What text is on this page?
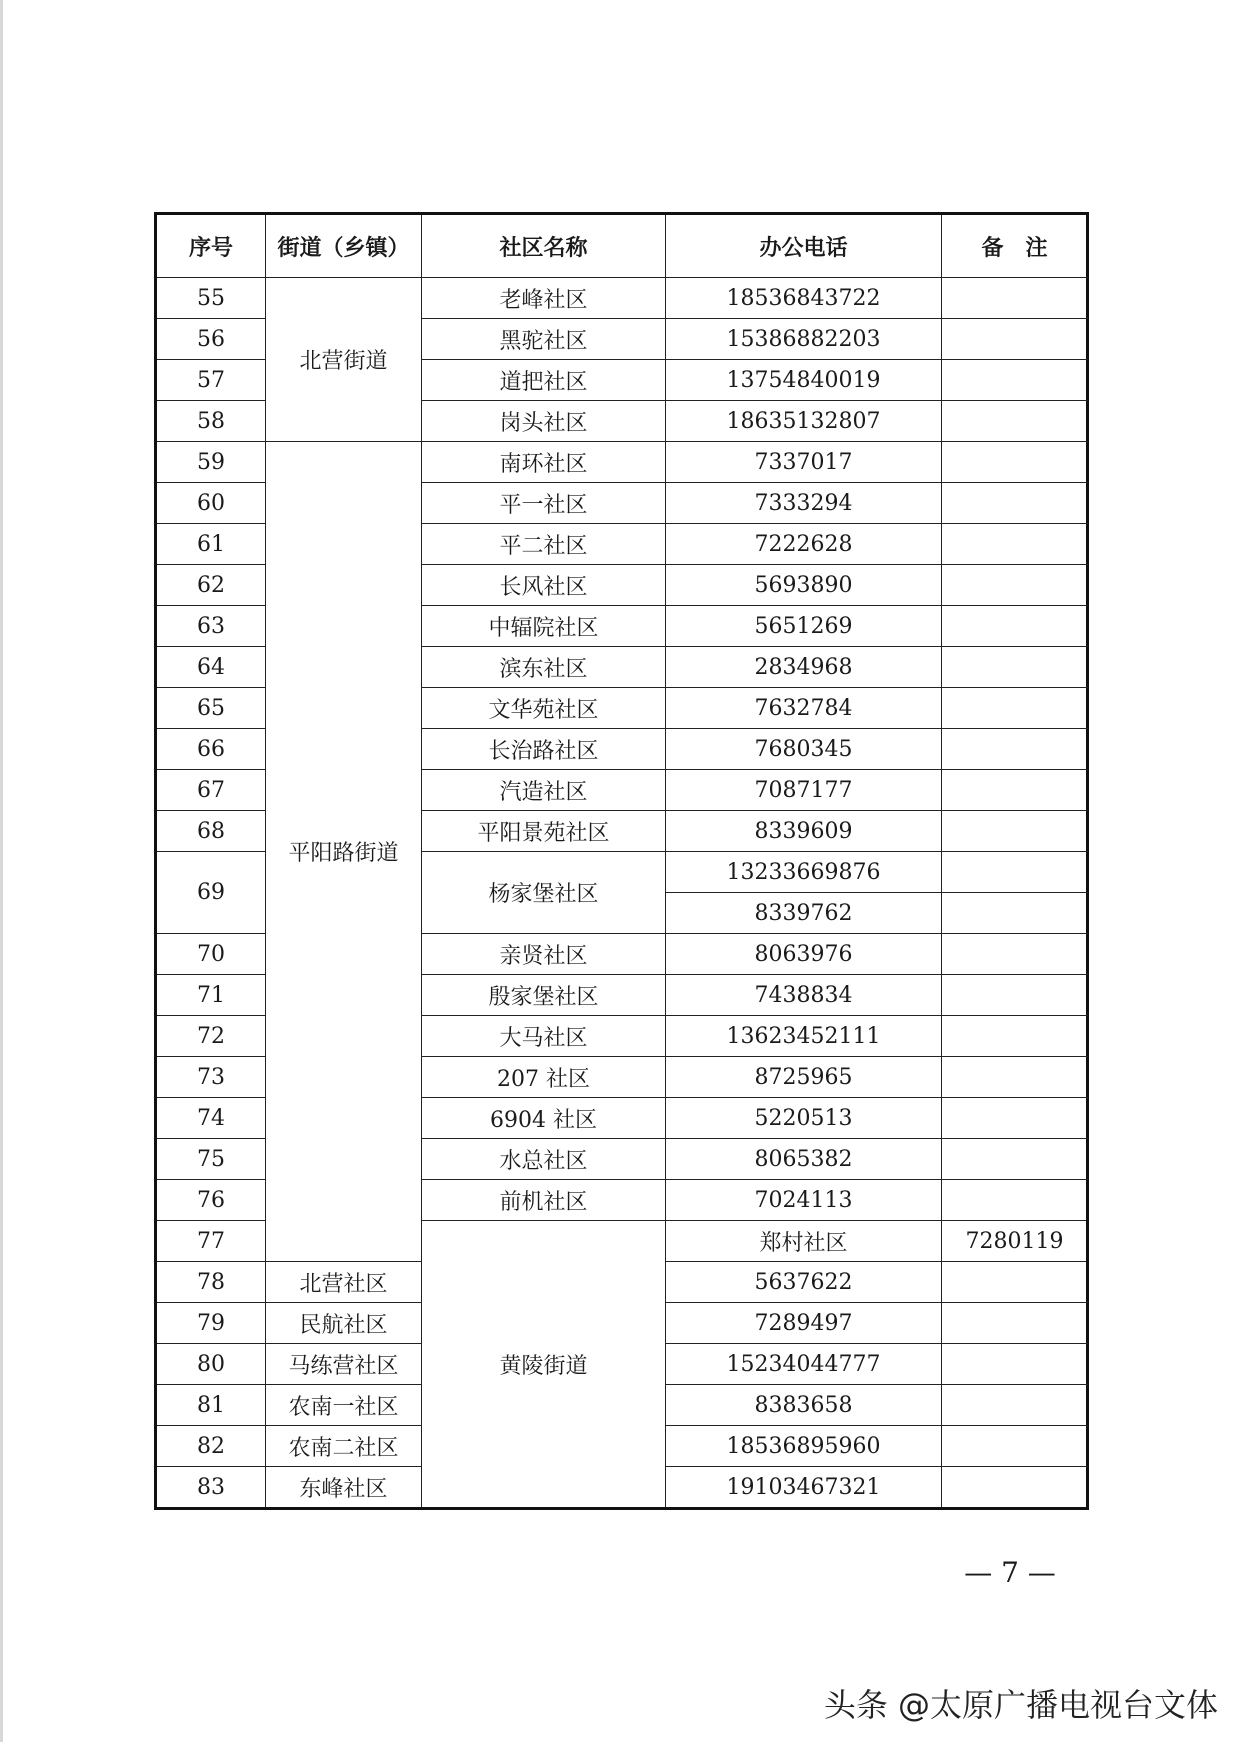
序号	街道（乡镇）	社区名称	办公电话	备　注	
55	北营街道	老峰社区	18536843722		
56		黑驼社区	15386882203		
57		道把社区	13754840019		
58		岗头社区	18635132807		
59	平阳路街道	南环社区	7337017		
60		平一社区	7333294		
61		平二社区	7222628		
62		长风社区	5693890		
63		中辐院社区	5651269		
64		滨东社区	2834968		
65		文华苑社区	7632784		
66		长治路社区	7680345		
67		汽造社区	7087177		
68		平阳景苑社区	8339609		
69		杨家堡社区	13233669876		
			8339762		
70		亲贤社区	8063976		
71		殷家堡社区	7438834		
72		大马社区	13623452111		
73		207 社区	8725965		
74		6904 社区	5220513		
75		水总社区	8065382		
76		前机社区	7024113		
77		黄陵街道	郑村社区	7280119	
78	北营社区		5637622		
79	民航社区		7289497		
80	马练营社区		15234044777		
81	农南一社区		8383658		
82	农南二社区		18536895960		
83	东峰社区		19103467321		
— 7 —
头条 @太原广播电视台文体
